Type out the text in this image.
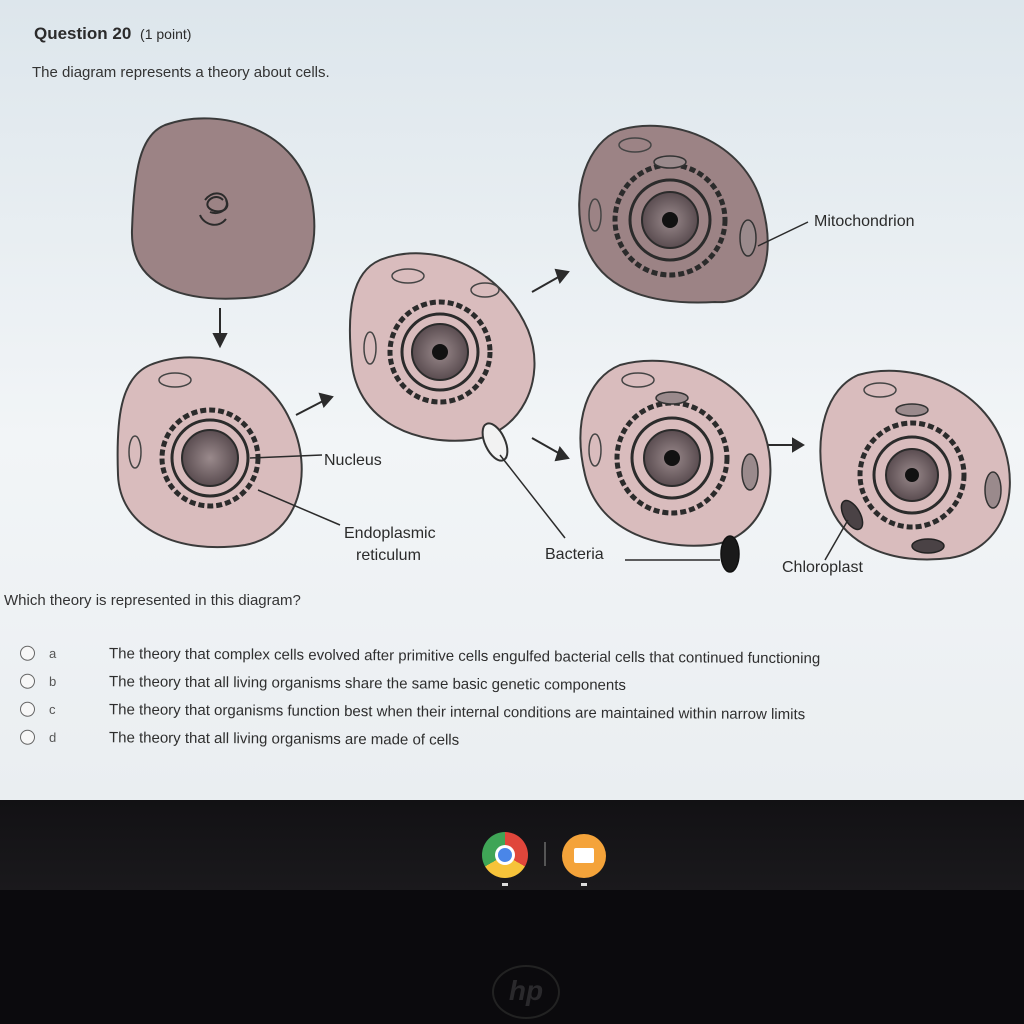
Question 20 (1 point)
The diagram represents a theory about cells.
Mitochondrion
Nucleus
Endoplasmic
reticulum	Bacteria
Chloroplast
Which theory is represented in this diagram?
a	The theory that complex cells evolved after primitive cells engulfed bacterial cells that continued functioning
b	The theory that all living organisms share the same basic genetic components
c	The theory that organisms function best when their internal conditions are maintained within narrow limits
d	The theory that all living organisms are made of cells
hp
